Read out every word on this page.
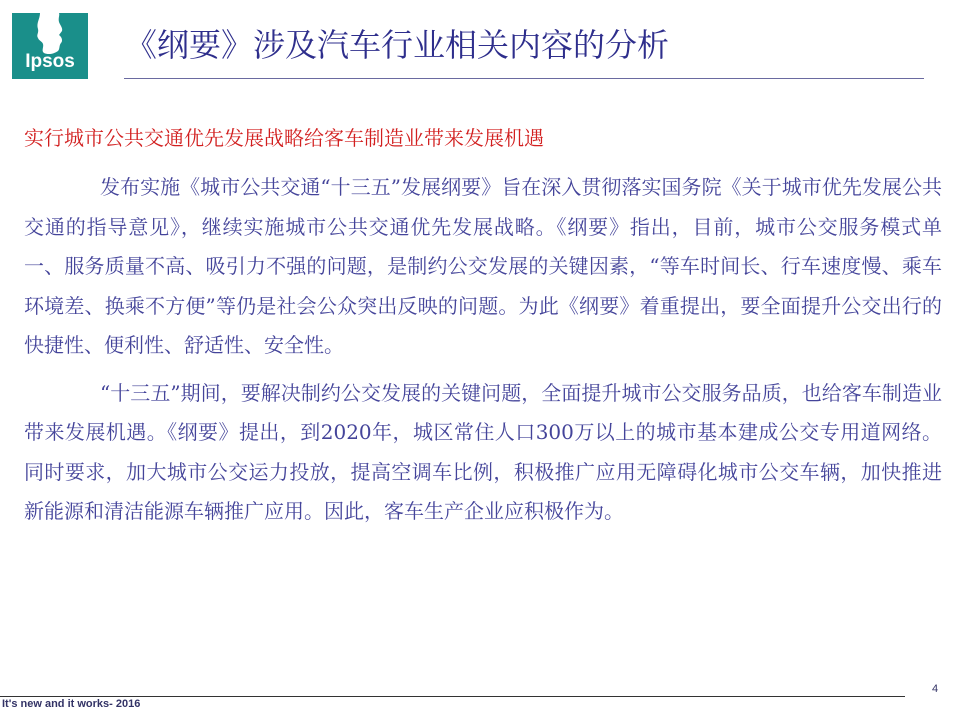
Ipsos	《纲要》涉及汽车行业相关内容的分析
实行城市公共交通优先发展战略给客车制造业带来发展机遇

发布实施《城市公共交通“十三五”发展纲要》旨在深入贯彻落实国务院《关于城市优先发展公共交通的指导意见》，继续实施城市公共交通优先发展战略。《纲要》指出，目前，城市公交服务模式单一、服务质量不高、吸引力不强的问题，是制约公交发展的关键因素，“等车时间长、行车速度慢、乘车环境差、换乘不方便”等仍是社会公众突出反映的问题。为此《纲要》着重提出，要全面提升公交出行的快捷性、便利性、舒适性、安全性。

“十三五”期间，要解决制约公交发展的关键问题，全面提升城市公交服务品质，也给客车制造业带来发展机遇。《纲要》提出，到2020年，城区常住人口300万以上的城市基本建成公交专用道网络。同时要求，加大城市公交运力投放，提高空调车比例，积极推广应用无障碍化城市公交车辆，加快推进新能源和清洁能源车辆推广应用。因此，客车生产企业应积极作为。

4
It's new and it works- 2016
